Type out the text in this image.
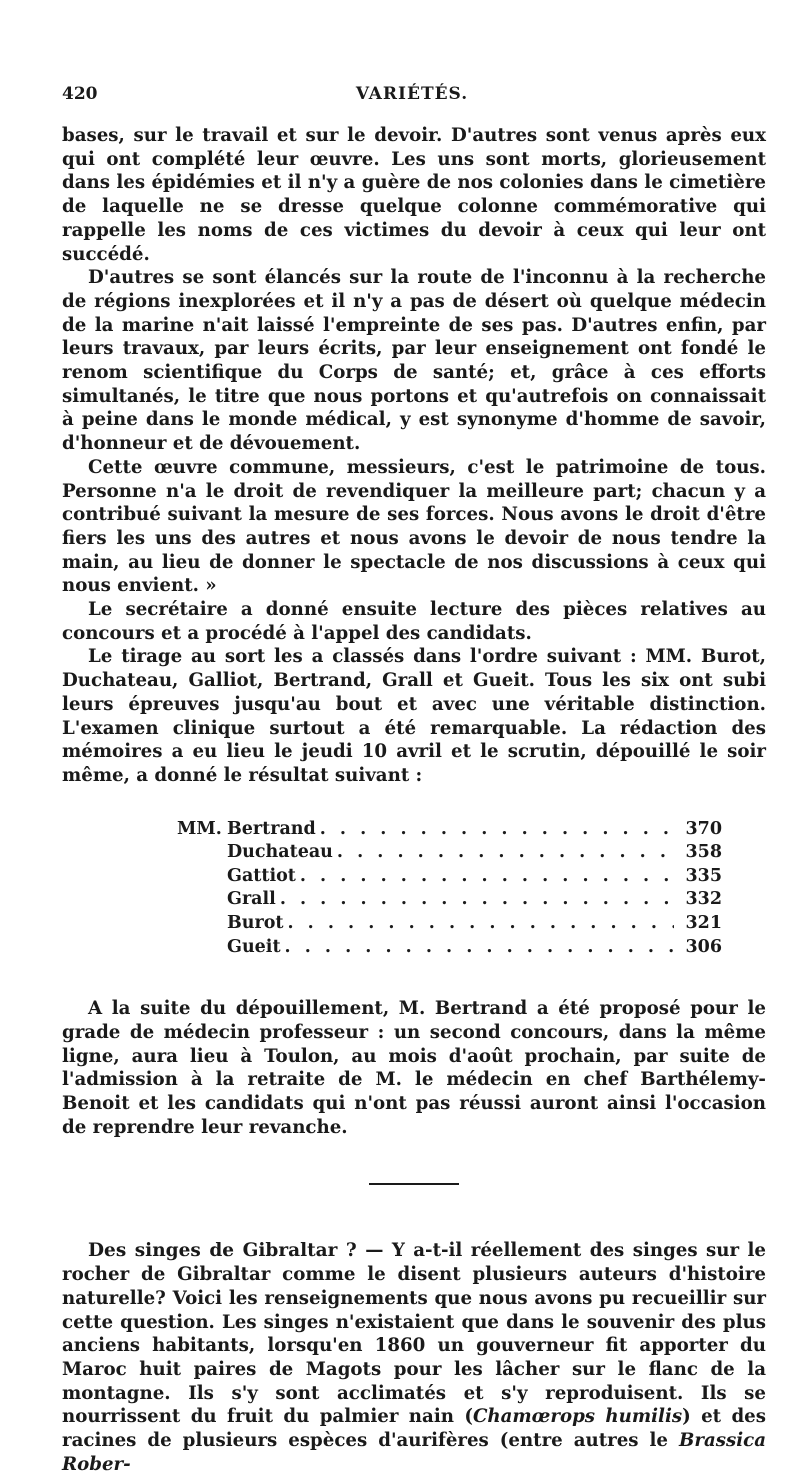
420	VARIÉTÉS.

bases, sur le travail et sur le devoir. D'autres sont venus après eux qui ont complété leur œuvre. Les uns sont morts, glorieusement dans les épidémies et il n'y a guère de nos colonies dans le cimetière de laquelle ne se dresse quelque colonne commémorative qui rappelle les noms de ces victimes du devoir à ceux qui leur ont succédé.

D'autres se sont élancés sur la route de l'inconnu à la recherche de régions inexplorées et il n'y a pas de désert où quelque médecin de la marine n'ait laissé l'empreinte de ses pas. D'autres enfin, par leurs travaux, par leurs écrits, par leur enseignement ont fondé le renom scientifique du Corps de santé; et, grâce à ces efforts simultanés, le titre que nous portons et qu'autrefois on connaissait à peine dans le monde médical, y est synonyme d'homme de savoir, d'honneur et de dévouement.

Cette œuvre commune, messieurs, c'est le patrimoine de tous. Personne n'a le droit de revendiquer la meilleure part; chacun y a contribué suivant la mesure de ses forces. Nous avons le droit d'être fiers les uns des autres et nous avons le devoir de nous tendre la main, au lieu de donner le spectacle de nos discussions à ceux qui nous envient. »

Le secrétaire a donné ensuite lecture des pièces relatives au concours et a procédé à l'appel des candidats.

Le tirage au sort les a classés dans l'ordre suivant : MM. Burot, Duchateau, Galliot, Bertrand, Grall et Gueit. Tous les six ont subi leurs épreuves jusqu'au bout et avec une véritable distinction. L'examen clinique surtout a été remarquable. La rédaction des mémoires a eu lieu le jeudi 10 avril et le scrutin, dépouillé le soir même, a donné le résultat suivant :

MM. Bertrand . . .	370
Duchateau . . .	358
Gattiot . . .	335
Grall . . .	332
Burot . . .	321
Gueit . . .	306

A la suite du dépouillement, M. Bertrand a été proposé pour le grade de médecin professeur : un second concours, dans la même ligne, aura lieu à Toulon, au mois d'août prochain, par suite de l'admission à la retraite de M. le médecin en chef Barthélemy-Benoit et les candidats qui n'ont pas réussi auront ainsi l'occasion de reprendre leur revanche.

Des singes de Gibraltar ? — Y a-t-il réellement des singes sur le rocher de Gibraltar comme le disent plusieurs auteurs d'histoire naturelle? Voici les renseignements que nous avons pu recueillir sur cette question. Les singes n'existaient que dans le souvenir des plus anciens habitants, lorsqu'en 1860 un gouverneur fit apporter du Maroc huit paires de Magots pour les lâcher sur le flanc de la montagne. Ils s'y sont acclimatés et s'y reproduisent. Ils se nourrissent du fruit du palmier nain (Chamœrops humilis) et des racines de plusieurs espèces d'aurifères (entre autres le Brassica Rober-
